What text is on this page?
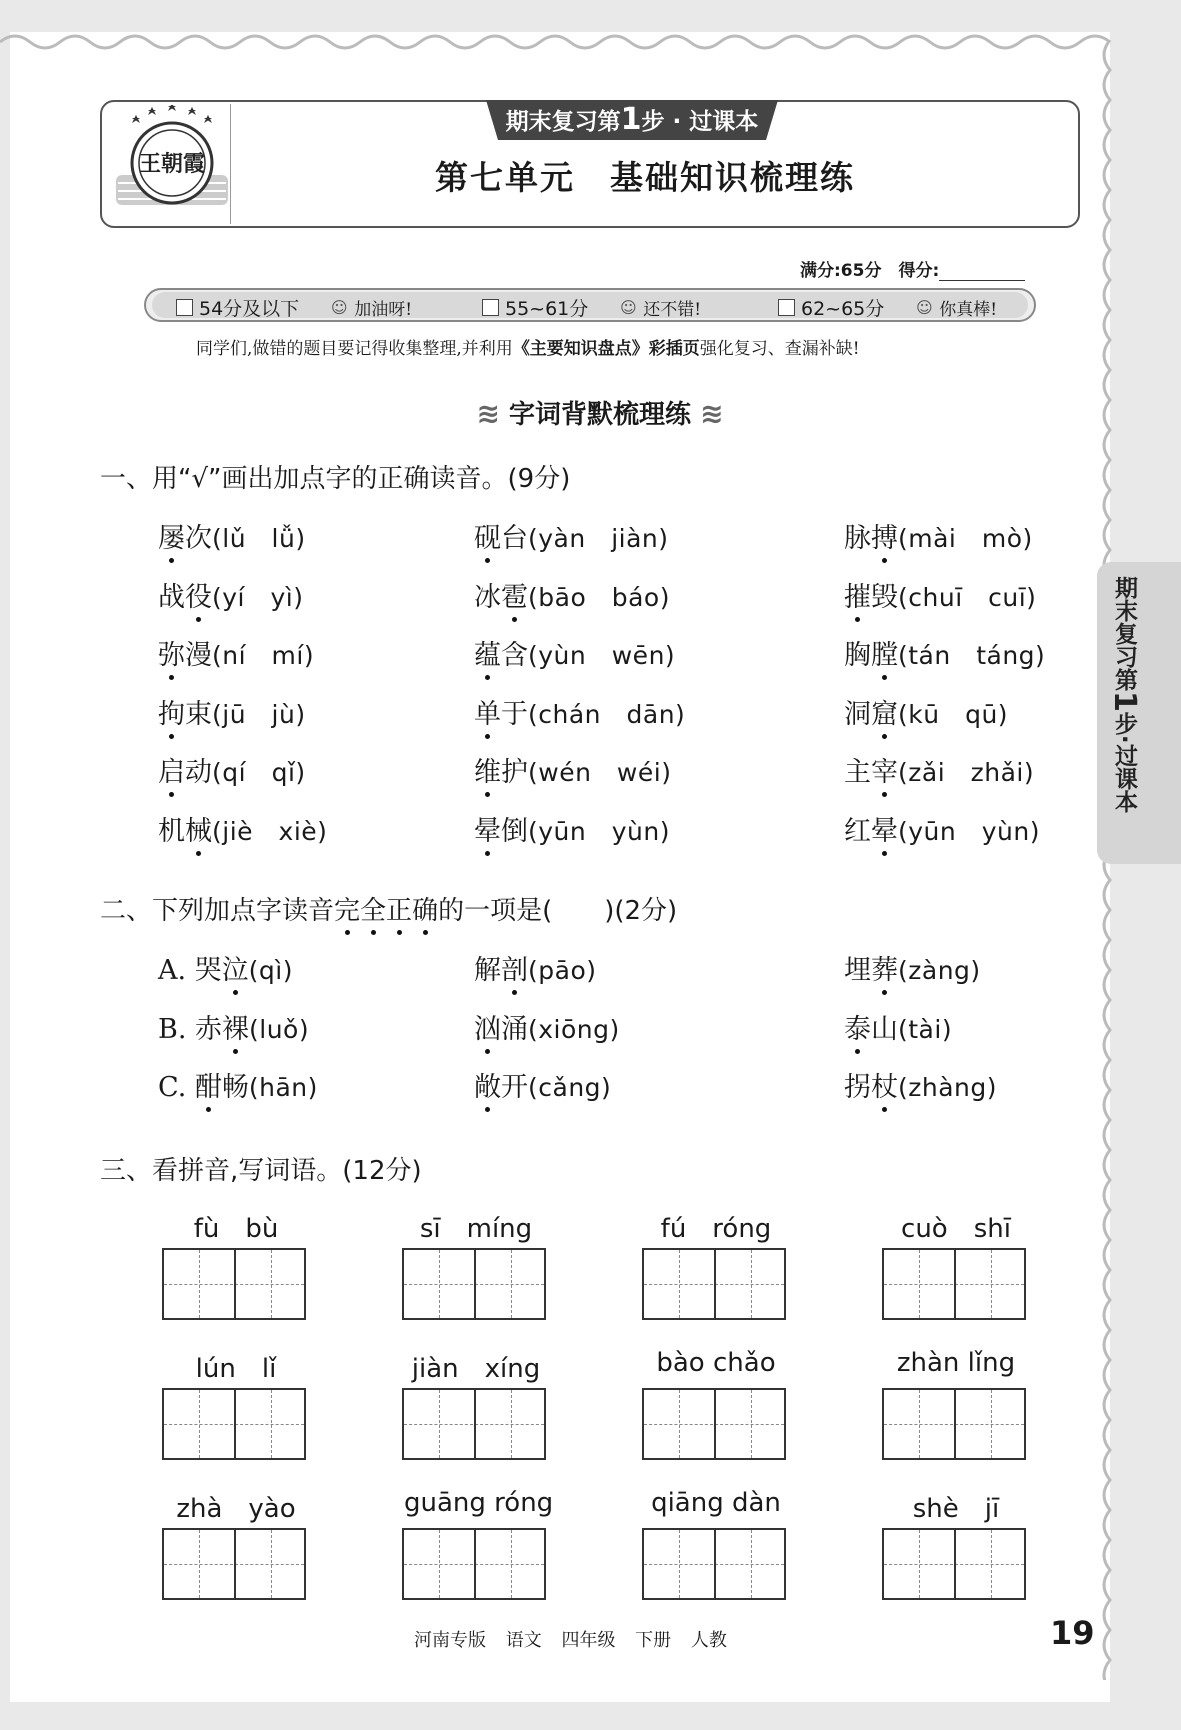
王朝霞
期末复习第1步 · 过课本
第七单元　基础知识梳理练
满分:65分　 得分:
54分及以下
　 ☺ 加油呀!	55~61分
　 ☺ 还不错!	62~65分
　 ☺ 你真棒!
同学们,做错的题目要记得收集整理,并利用《主要知识盘点》彩插页强化复习、查漏补缺!
≋ 字词背默梳理练 ≋
一、用“√”画出加点字的正确读音。(9分)
屡次(lǔ　lǚ)	砚台(yàn　jiàn)	脉搏(mài　mò)
战役(yí　yì)	冰雹(bāo　báo)	摧毁(chuī　cuī)
弥漫(ní　mí)	蕴含(yùn　wēn)	胸膛(tán　táng)
拘束(jū　jù)	单于(chán　dān)	洞窟(kū　qū)
启动(qí　qǐ)	维护(wén　wéi)	主宰(zǎi　zhǎi)
机械(jiè　xiè)	晕倒(yūn　yùn)	红晕(yūn　yùn)
二、下列加点字读音完全正确的一项是(　　)(2分)
A. 哭泣(qì)	解剖(pāo)	埋葬(zàng)
B. 赤裸(luǒ)	汹涌(xiōng)	泰山(tài)
C. 酣畅(hān)	敞开(cǎng)	拐杖(zhàng)
三、看拼音,写词语。(12分)
fù　bù	sī　míng	fú　róng	cuò　shī
lún　lǐ	jiàn　xíng	bào chǎo	zhàn lǐng
zhà　yào	guāng róng	qiāng dàn	shè　jī
期末复习第1步·过课本
河南专版 语文 四年级 下册 人教	19
